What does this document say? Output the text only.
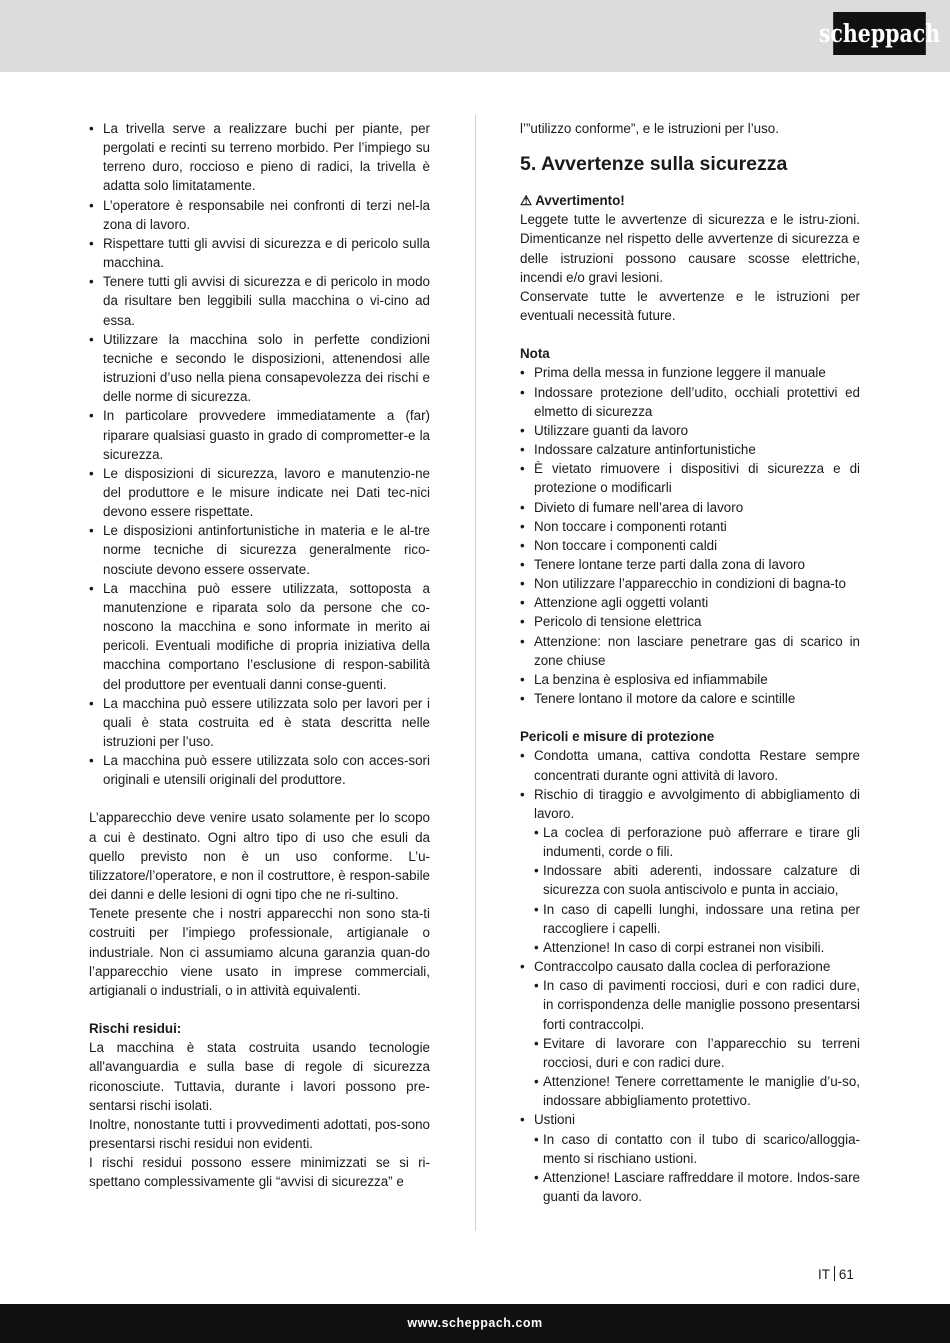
scheppach
• La trivella serve a realizzare buchi per piante, per pergolati e recinti su terreno morbido. Per l’impiego su terreno duro, roccioso e pieno di radici, la trivella è adatta solo limitatamente.
• L’operatore è responsabile nei confronti di terzi nel-la zona di lavoro.
• Rispettare tutti gli avvisi di sicurezza e di pericolo sulla macchina.
• Tenere tutti gli avvisi di sicurezza e di pericolo in modo da risultare ben leggibili sulla macchina o vi-cino ad essa.
• Utilizzare la macchina solo in perfette condizioni tecniche e secondo le disposizioni, attenendosi alle istruzioni d’uso nella piena consapevolezza dei rischi e delle norme di sicurezza.
• In particolare provvedere immediatamente a (far) riparare qualsiasi guasto in grado di comprometter-e la sicurezza.
• Le disposizioni di sicurezza, lavoro e manutenzio-ne del produttore e le misure indicate nei Dati tec-nici devono essere rispettate.
• Le disposizioni antinfortunistiche in materia e le al-tre norme tecniche di sicurezza generalmente rico-nosciute devono essere osservate.
• La macchina può essere utilizzata, sottoposta a manutenzione e riparata solo da persone che co-noscono la macchina e sono informate in merito ai pericoli. Eventuali modifiche di propria iniziativa della macchina comportano l’esclusione di respon-sabilità del produttore per eventuali danni conse-guenti.
• La macchina può essere utilizzata solo per lavori per i quali è stata costruita ed è stata descritta nelle istruzioni per l’uso.
• La macchina può essere utilizzata solo con acces-sori originali e utensili originali del produttore.

L’apparecchio deve venire usato solamente per lo scopo a cui è destinato. Ogni altro tipo di uso che esuli da quello previsto non è un uso conforme. L’u-tilizzatore/l’operatore, e non il costruttore, è respon-sabile dei danni e delle lesioni di ogni tipo che ne ri-sultino.

Tenete presente che i nostri apparecchi non sono sta-ti costruiti per l’impiego professionale, artigianale o industriale. Non ci assumiamo alcuna garanzia quan-do l’apparecchio viene usato in imprese commerciali, artigianali o industriali, o in attività equivalenti.

Rischi residui:

La macchina è stata costruita usando tecnologie all'avanguardia e sulla base di regole di sicurezza riconosciute. Tuttavia, durante i lavori possono pre-sentarsi rischi isolati.

Inoltre, nonostante tutti i provvedimenti adottati, pos-sono presentarsi rischi residui non evidenti.

I rischi residui possono essere minimizzati se si ri-spettano complessivamente gli “avvisi di sicurezza” e

l’”utilizzo conforme”, e le istruzioni per l’uso.

5. Avvertenze sulla sicurezza

⚠ Avvertimento!

Leggete tutte le avvertenze di sicurezza e le istru-zioni. Dimenticanze nel rispetto delle avvertenze di sicurezza e delle istruzioni possono causare scosse elettriche, incendi e/o gravi lesioni.

Conservate tutte le avvertenze e le istruzioni per eventuali necessità future.

Nota

• Prima della messa in funzione leggere il manuale
• Indossare protezione dell’udito, occhiali protettivi ed elmetto di sicurezza
• Utilizzare guanti da lavoro
• Indossare calzature antinfortunistiche
• È vietato rimuovere i dispositivi di sicurezza e di protezione o modificarli
• Divieto di fumare nell’area di lavoro
• Non toccare i componenti rotanti
• Non toccare i componenti caldi
• Tenere lontane terze parti dalla zona di lavoro
• Non utilizzare l’apparecchio in condizioni di bagna-to
• Attenzione agli oggetti volanti
• Pericolo di tensione elettrica
• Attenzione: non lasciare penetrare gas di scarico in zone chiuse
• La benzina è esplosiva ed infiammabile
• Tenere lontano il motore da calore e scintille

Pericoli e misure di protezione

• Condotta umana, cattiva condotta Restare sempre concentrati durante ogni attività di lavoro.
• Rischio di tiraggio e avvolgimento di abbigliamento di lavoro.
• La coclea di perforazione può afferrare e tirare gli indumenti, corde o fili.
• Indossare abiti aderenti, indossare calzature di sicurezza con suola antiscivolo e punta in acciaio,
• In caso di capelli lunghi, indossare una retina per raccogliere i capelli.
• Attenzione! In caso di corpi estranei non visibili.
• Contraccolpo causato dalla coclea di perforazione
• In caso di pavimenti rocciosi, duri e con radici dure, in corrispondenza delle maniglie possono presentarsi forti contraccolpi.
• Evitare di lavorare con l’apparecchio su terreni rocciosi, duri e con radici dure.
• Attenzione! Tenere correttamente le maniglie d’u-so, indossare abbigliamento protettivo.
• Ustioni
• In caso di contatto con il tubo di scarico/alloggia-mento si rischiano ustioni.
• Attenzione! Lasciare raffreddare il motore. Indos-sare guanti da lavoro.
IT 61
www.scheppach.com
